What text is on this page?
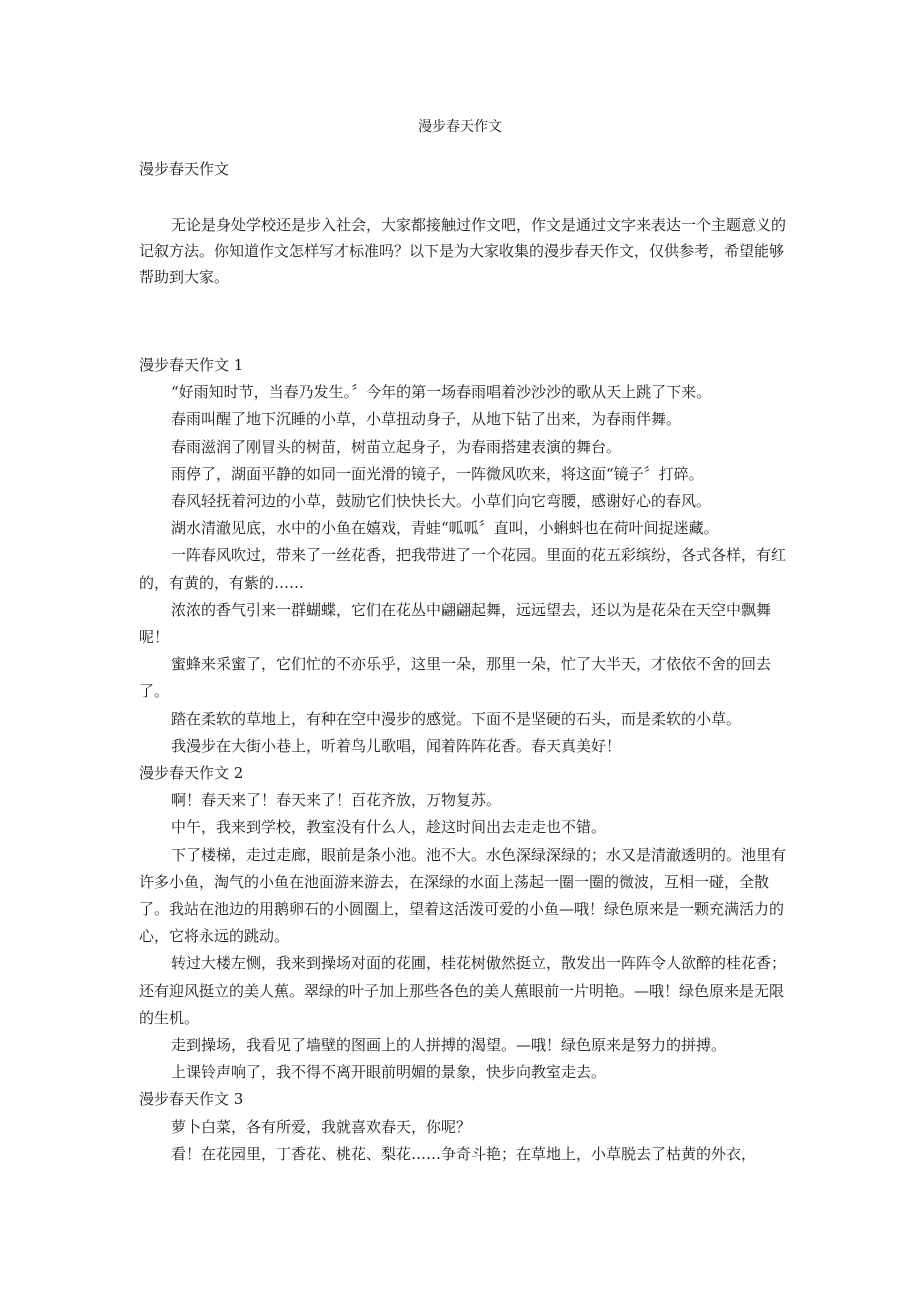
漫步春天作文
漫步春天作文

无论是身处学校还是步入社会，大家都接触过作文吧，作文是通过文字来表达一个主题意义的记叙方法。你知道作文怎样写才标准吗？以下是为大家收集的漫步春天作文，仅供参考，希望能够帮助到大家。

漫步春天作文 1

“好雨知时节，当春乃发生。〞今年的第一场春雨唱着沙沙沙的歌从天上跳了下来。

春雨叫醒了地下沉睡的小草，小草扭动身子，从地下钻了出来，为春雨伴舞。

春雨滋润了刚冒头的树苗，树苗立起身子，为春雨搭建表演的舞台。

雨停了，湖面平静的如同一面光滑的镜子，一阵微风吹来，将这面“镜子〞打碎。

春风轻抚着河边的小草，鼓励它们快快长大。小草们向它弯腰，感谢好心的春风。

湖水清澈见底，水中的小鱼在嬉戏，青蛙“呱呱〞直叫，小蝌蚪也在荷叶间捉迷藏。

一阵春风吹过，带来了一丝花香，把我带进了一个花园。里面的花五彩缤纷，各式各样，有红的，有黄的，有紫的……

浓浓的香气引来一群蝴蝶，它们在花丛中翩翩起舞，远远望去，还以为是花朵在天空中飘舞呢！

蜜蜂来采蜜了，它们忙的不亦乐乎，这里一朵，那里一朵，忙了大半天，才依依不舍的回去了。

踏在柔软的草地上，有种在空中漫步的感觉。下面不是坚硬的石头，而是柔软的小草。

我漫步在大街小巷上，听着鸟儿歌唱，闻着阵阵花香。春天真美好！

漫步春天作文 2

啊！春天来了！春天来了！百花齐放，万物复苏。

中午，我来到学校，教室没有什么人，趁这时间出去走走也不错。

下了楼梯，走过走廊，眼前是条小池。池不大。水色深绿深绿的；水又是清澈透明的。池里有许多小鱼，淘气的小鱼在池面游来游去，在深绿的水面上荡起一圈一圈的微波，互相一碰，全散了。我站在池边的用鹅卵石的小圆圈上，望着这活泼可爱的小鱼—哦！绿色原来是一颗充满活力的心，它将永远的跳动。

转过大楼左恻，我来到操场对面的花圃，桂花树傲然挺立，散发出一阵阵令人欲醉的桂花香；还有迎风挺立的美人蕉。翠绿的叶子加上那些各色的美人蕉眼前一片明艳。—哦！绿色原来是无限的生机。

走到操场，我看见了墙壁的图画上的人拼搏的渴望。—哦！绿色原来是努力的拼搏。

上课铃声响了，我不得不离开眼前明媚的景象，快步向教室走去。

漫步春天作文 3

萝卜白菜，各有所爱，我就喜欢春天，你呢？

看！在花园里，丁香花、桃花、梨花……争奇斗艳；在草地上，小草脱去了枯黄的外衣，
